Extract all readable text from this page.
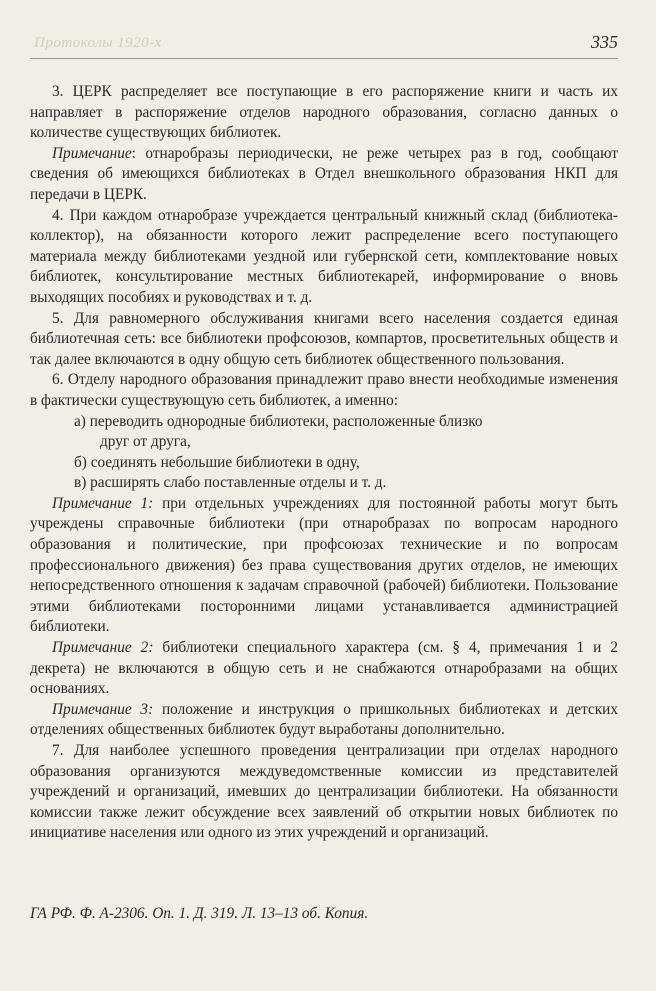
Протоколы 1920-х	335

3. ЦЕРК распределяет все поступающие в его распоряжение книги и часть их направляет в распоряжение отделов народного образования, согласно данных о количестве существующих библиотек.

Примечание: отнаробразы периодически, не реже четырех раз в год, сообщают сведения об имеющихся библиотеках в Отдел внешкольного образования НКП для передачи в ЦЕРК.

4. При каждом отнаробразе учреждается центральный книжный склад (библиотека-коллектор), на обязанности которого лежит распределение всего поступающего материала между библиотеками уездной или губернской сети, комплектование новых библиотек, консультирование местных библиотекарей, информирование о вновь выходящих пособиях и руководствах и т. д.

5. Для равномерного обслуживания книгами всего населения создается единая библиотечная сеть: все библиотеки профсоюзов, компартов, просветительных обществ и так далее включаются в одну общую сеть библиотек общественного пользования.

6. Отделу народного образования принадлежит право внести необходимые изменения в фактически существующую сеть библиотек, а именно:

а) переводить однородные библиотеки, расположенные близко
друг от друга,
б) соединять небольшие библиотеки в одну,
в) расширять слабо поставленные отделы и т. д.

Примечание 1: при отдельных учреждениях для постоянной работы могут быть учреждены справочные библиотеки (при отнаробразах по вопросам народного образования и политические, при профсоюзах технические и по вопросам профессионального движения) без права существования других отделов, не имеющих непосредственного отношения к задачам справочной (рабочей) библиотеки. Пользование этими библиотеками посторонними лицами устанавливается администрацией библиотеки.

Примечание 2: библиотеки специального характера (см. § 4, примечания 1 и 2 декрета) не включаются в общую сеть и не снабжаются отнаробразами на общих основаниях.

Примечание 3: положение и инструкция о пришкольных библиотеках и детских отделениях общественных библиотек будут выработаны дополнительно.

7. Для наиболее успешного проведения централизации при отделах народного образования организуются междуведомственные комиссии из представителей учреждений и организаций, имевших до централизации библиотеки. На обязанности комиссии также лежит обсуждение всех заявлений об открытии новых библиотек по инициативе населения или одного из этих учреждений и организаций.

ГА РФ. Ф. А-2306. Оп. 1. Д. 319. Л. 13–13 об. Копия.
